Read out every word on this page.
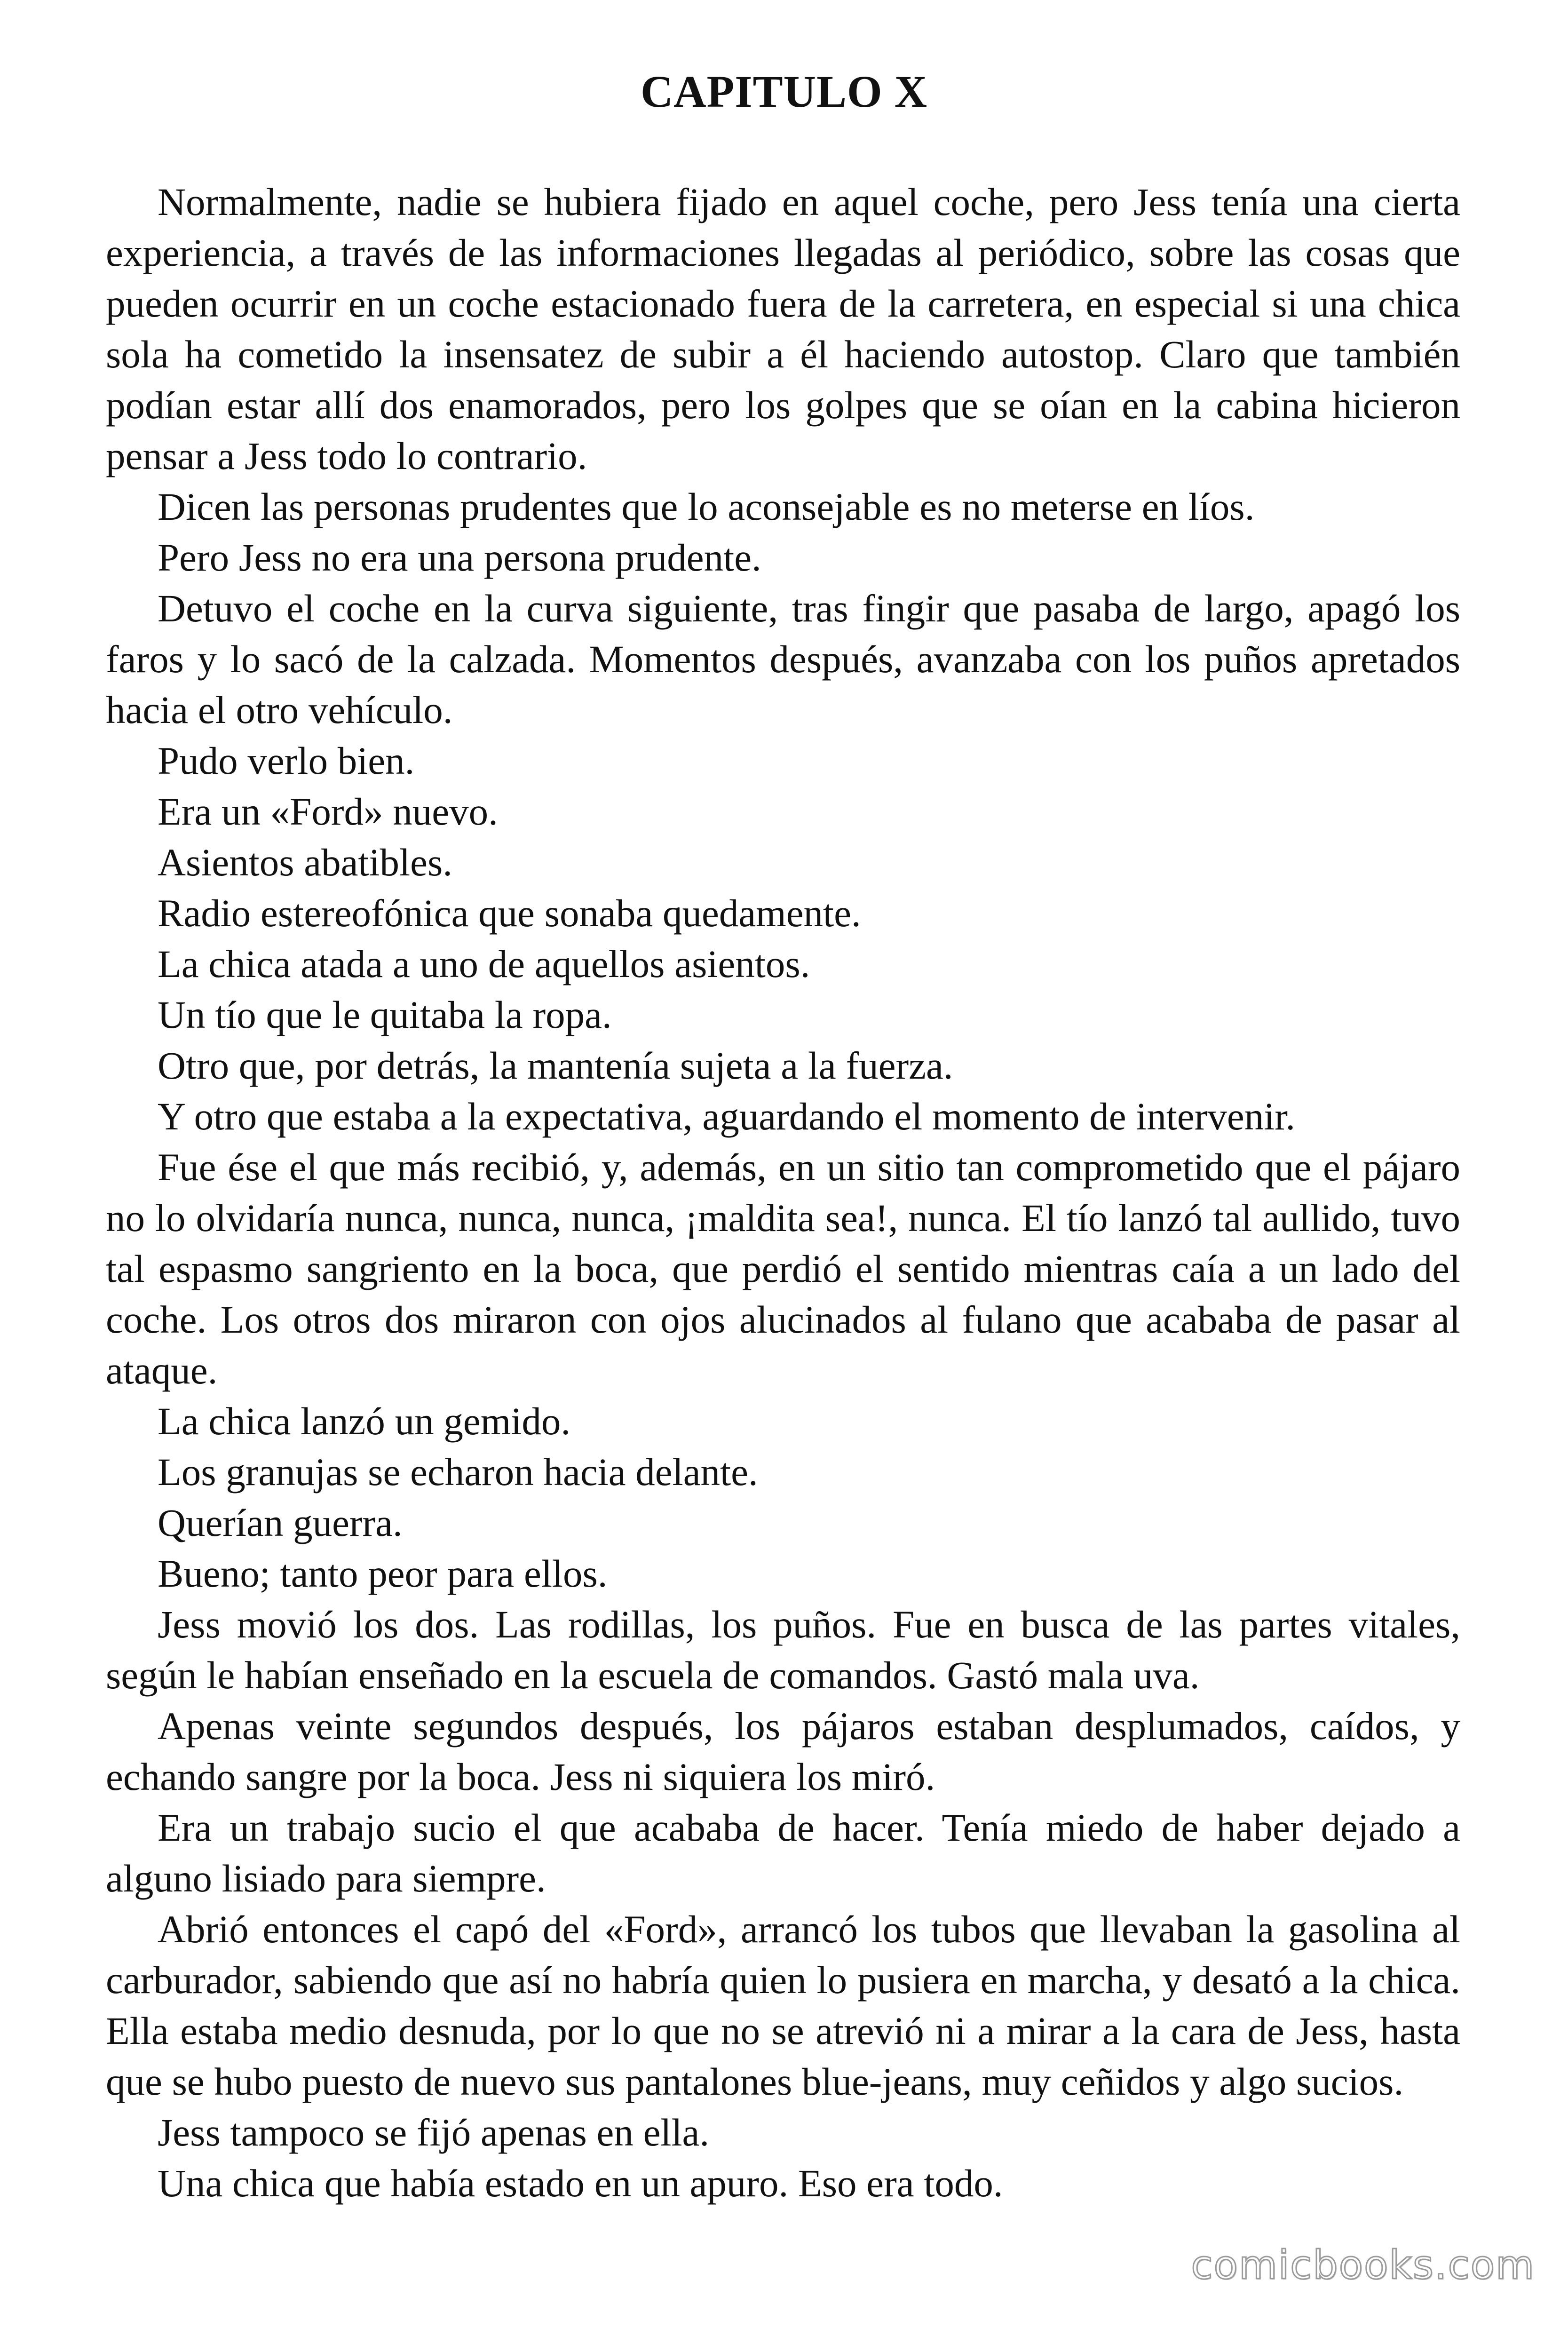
CAPITULO X

Normalmente, nadie se hubiera fijado en aquel coche, pero Jess tenía una cierta experiencia, a través de las informaciones llegadas al periódico, sobre las cosas que pueden ocurrir en un coche estacionado fuera de la carretera, en especial si una chica sola ha cometido la insensatez de subir a él haciendo autostop. Claro que también podían estar allí dos enamorados, pero los golpes que se oían en la cabina hicieron pensar a Jess todo lo contrario.

Dicen las personas prudentes que lo aconsejable es no meterse en líos.

Pero Jess no era una persona prudente.

Detuvo el coche en la curva siguiente, tras fingir que pasaba de largo, apagó los faros y lo sacó de la calzada. Momentos después, avanzaba con los puños apretados hacia el otro vehículo.

Pudo verlo bien.

Era un «Ford» nuevo.

Asientos abatibles.

Radio estereofónica que sonaba quedamente.

La chica atada a uno de aquellos asientos.

Un tío que le quitaba la ropa.

Otro que, por detrás, la mantenía sujeta a la fuerza.

Y otro que estaba a la expectativa, aguardando el momento de intervenir.

Fue ése el que más recibió, y, además, en un sitio tan comprometido que el pájaro no lo olvidaría nunca, nunca, nunca, ¡maldita sea!, nunca. El tío lanzó tal aullido, tuvo tal espasmo sangriento en la boca, que perdió el sentido mientras caía a un lado del coche. Los otros dos miraron con ojos alucinados al fulano que acababa de pasar al ataque.

La chica lanzó un gemido.

Los granujas se echaron hacia delante.

Querían guerra.

Bueno; tanto peor para ellos.

Jess movió los dos. Las rodillas, los puños. Fue en busca de las partes vitales, según le habían enseñado en la escuela de comandos. Gastó mala uva.

Apenas veinte segundos después, los pájaros estaban desplumados, caídos, y echando sangre por la boca. Jess ni siquiera los miró.

Era un trabajo sucio el que acababa de hacer. Tenía miedo de haber dejado a alguno lisiado para siempre.

Abrió entonces el capó del «Ford», arrancó los tubos que llevaban la gasolina al carburador, sabiendo que así no habría quien lo pusiera en marcha, y desató a la chica. Ella estaba medio desnuda, por lo que no se atrevió ni a mirar a la cara de Jess, hasta que se hubo puesto de nuevo sus pantalones blue-jeans, muy ceñidos y algo sucios.

Jess tampoco se fijó apenas en ella.

Una chica que había estado en un apuro. Eso era todo.

comicbooks.com
